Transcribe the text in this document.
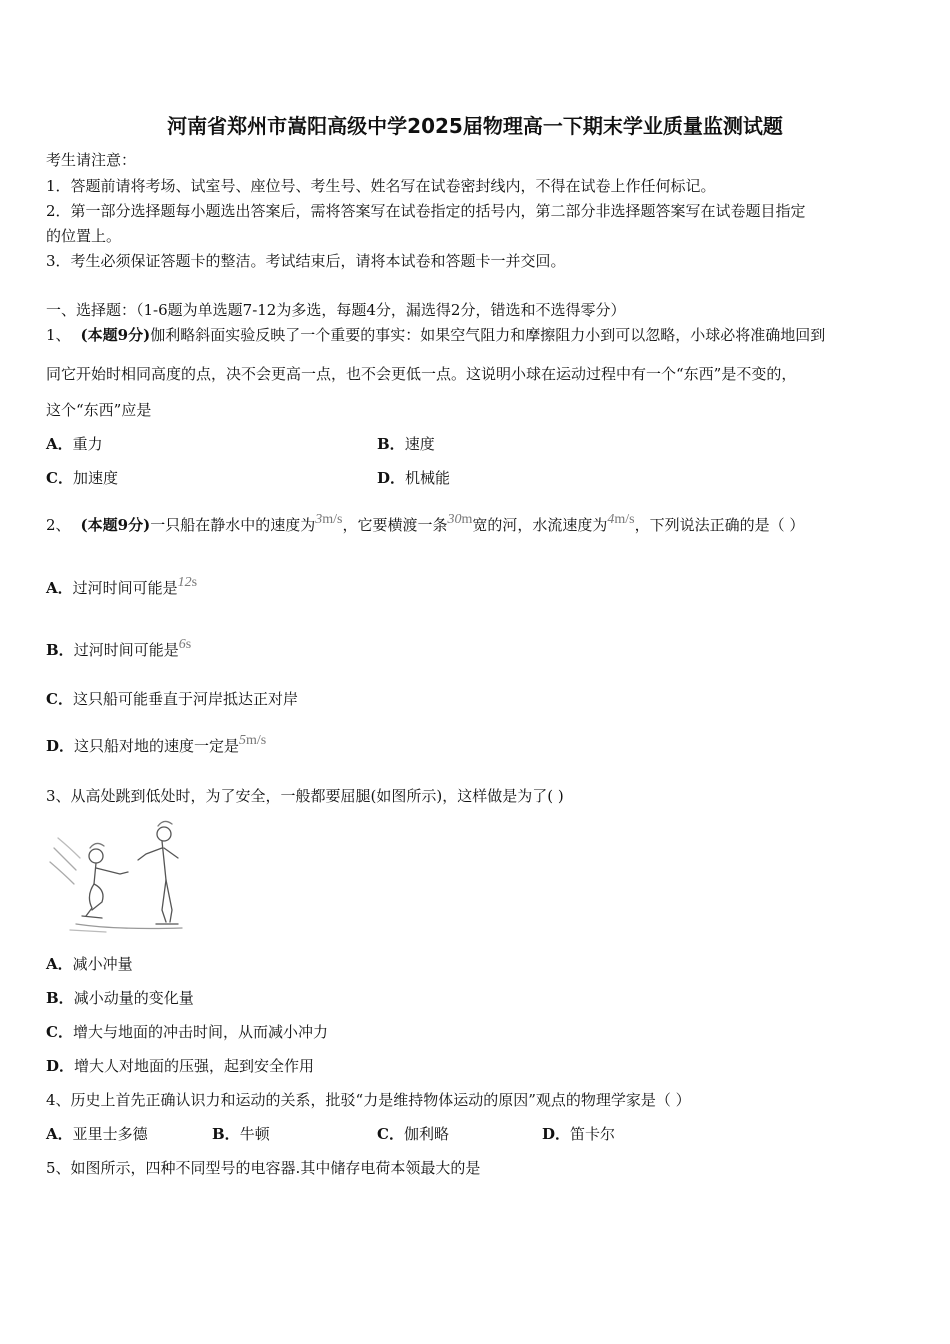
河南省郑州市嵩阳高级中学2025届物理高一下期末学业质量监测试题
考生请注意：
1．答题前请将考场、试室号、座位号、考生号、姓名写在试卷密封线内，不得在试卷上作任何标记。
2．第一部分选择题每小题选出答案后，需将答案写在试卷指定的括号内，第二部分非选择题答案写在试卷题目指定
的位置上。
3．考生必须保证答题卡的整洁。考试结束后，请将本试卷和答题卡一并交回。
一、选择题：（1-6题为单选题7-12为多选，每题4分，漏选得2分，错选和不选得零分）
1、 (本题9分)伽利略斜面实验反映了一个重要的事实：如果空气阻力和摩擦阻力小到可以忽略，小球必将准确地回到
同它开始时相同高度的点，决不会更高一点，也不会更低一点。这说明小球在运动过程中有一个“东西”是不变的，
这个“东西”应是
A．重力	B．速度
C．加速度	D．机械能
2、 (本题9分)一只船在静水中的速度为3m/s，它要横渡一条30m宽的河，水流速度为4m/s，下列说法正确的是（ ）
A．过河时间可能是12s
B．过河时间可能是6s
C．这只船可能垂直于河岸抵达正对岸
D．这只船对地的速度一定是5m/s
3、从高处跳到低处时，为了安全，一般都要屈腿(如图所示)，这样做是为了( )
A．减小冲量
B．减小动量的变化量
C．增大与地面的冲击时间，从而减小冲力
D．增大人对地面的压强，起到安全作用
4、历史上首先正确认识力和运动的关系，批驳“力是维持物体运动的原因”观点的物理学家是（ ）
A．亚里士多德	B．牛顿	C．伽利略	D．笛卡尔
5、如图所示，四种不同型号的电容器.其中储存电荷本领最大的是
